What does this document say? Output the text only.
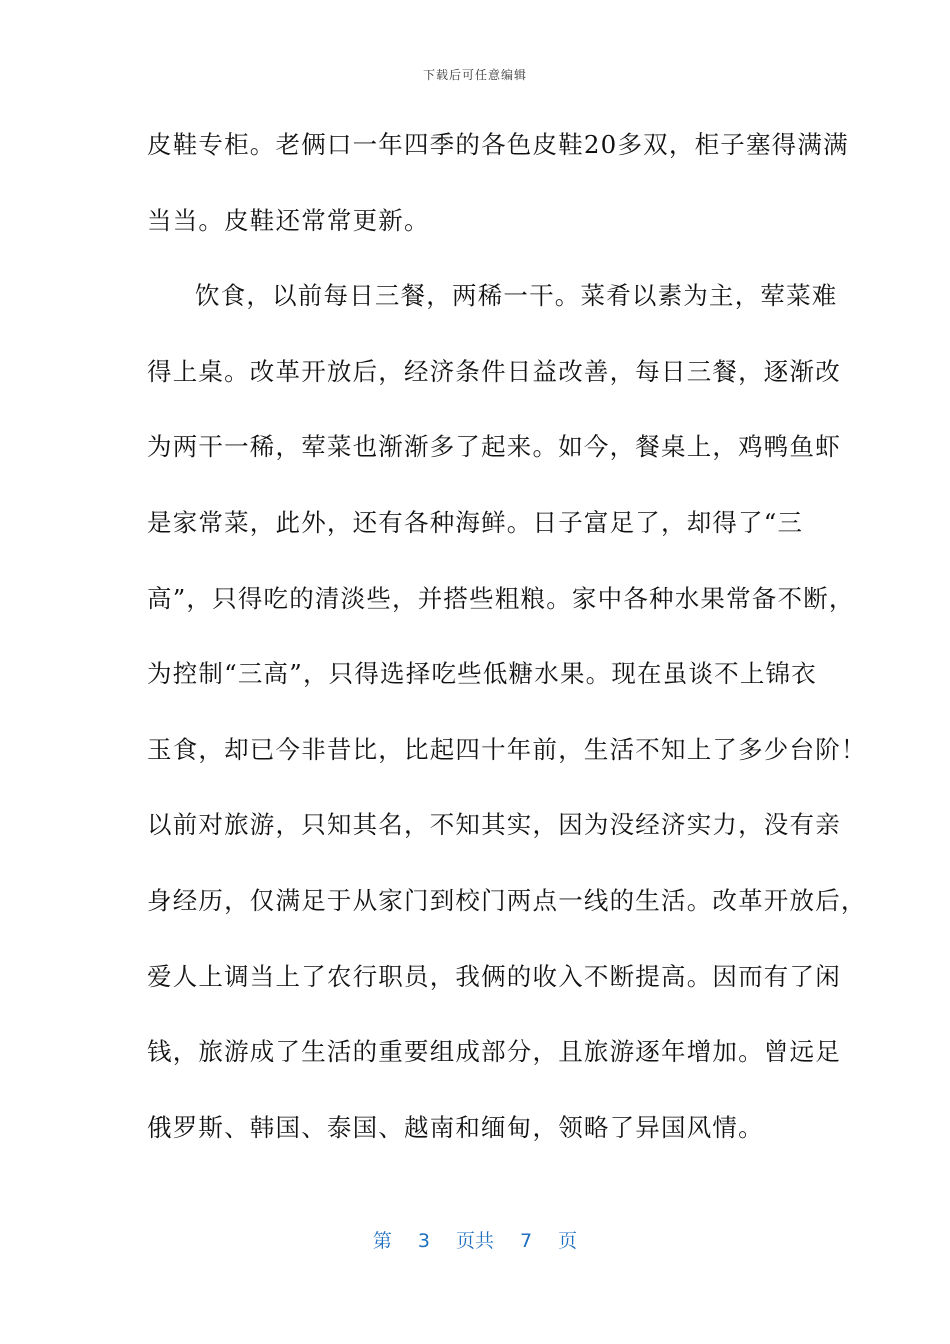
下载后可任意编辑
皮鞋专柜。老俩口一年四季的各色皮鞋20多双，柜子塞得满满
当当。皮鞋还常常更新。
饮食，以前每日三餐，两稀一干。菜肴以素为主，荤菜难
得上桌。改革开放后，经济条件日益改善，每日三餐，逐渐改
为两干一稀，荤菜也渐渐多了起来。如今，餐桌上，鸡鸭鱼虾
是家常菜，此外，还有各种海鲜。日子富足了，却得了“三
高”，只得吃的清淡些，并搭些粗粮。家中各种水果常备不断，
为控制“三高”，只得选择吃些低糖水果。现在虽谈不上锦衣
玉食，却已今非昔比，比起四十年前，生活不知上了多少台阶！
以前对旅游，只知其名，不知其实，因为没经济实力，没有亲
身经历，仅满足于从家门到校门两点一线的生活。改革开放后，
爱人上调当上了农行职员，我俩的收入不断提高。因而有了闲
钱，旅游成了生活的重要组成部分，且旅游逐年增加。曾远足
俄罗斯、韩国、泰国、越南和缅甸，领略了异国风情。
第 3 页共 7 页
